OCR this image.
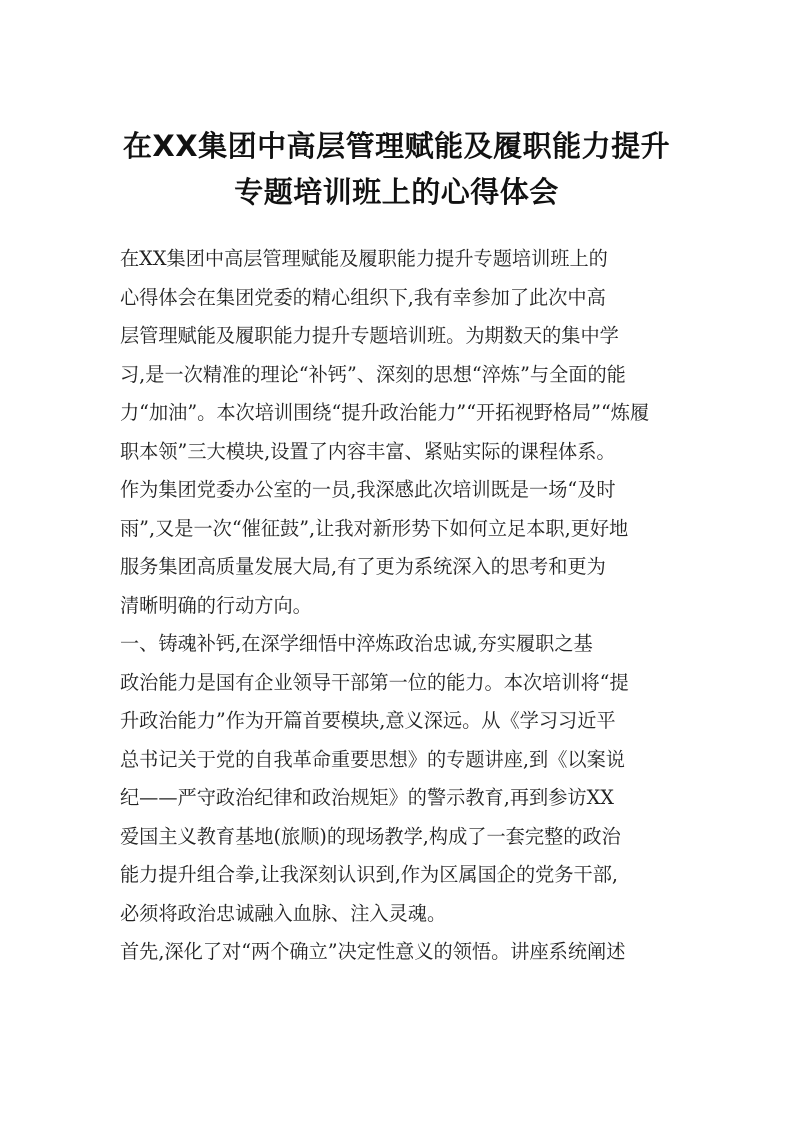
在XX集团中高层管理赋能及履职能力提升
专题培训班上的心得体会
在XX集团中高层管理赋能及履职能力提升专题培训班上的
心得体会在集团党委的精心组织下,我有幸参加了此次中高
层管理赋能及履职能力提升专题培训班。为期数天的集中学
习,是一次精准的理论“补钙”、深刻的思想“淬炼”与全面的能
力“加油”。本次培训围绕“提升政治能力”“开拓视野格局”“炼履
职本领”三大模块,设置了内容丰富、紧贴实际的课程体系。
作为集团党委办公室的一员,我深感此次培训既是一场“及时
雨”,又是一次“催征鼓”,让我对新形势下如何立足本职,更好地
服务集团高质量发展大局,有了更为系统深入的思考和更为
清晰明确的行动方向。
一、铸魂补钙,在深学细悟中淬炼政治忠诚,夯实履职之基
政治能力是国有企业领导干部第一位的能力。本次培训将“提
升政治能力”作为开篇首要模块,意义深远。从《学习习近平
总书记关于党的自我革命重要思想》的专题讲座,到《以案说
纪——严守政治纪律和政治规矩》的警示教育,再到参访XX
爱国主义教育基地(旅顺)的现场教学,构成了一套完整的政治
能力提升组合拳,让我深刻认识到,作为区属国企的党务干部,
必须将政治忠诚融入血脉、注入灵魂。
首先,深化了对“两个确立”决定性意义的领悟。讲座系统阐述
